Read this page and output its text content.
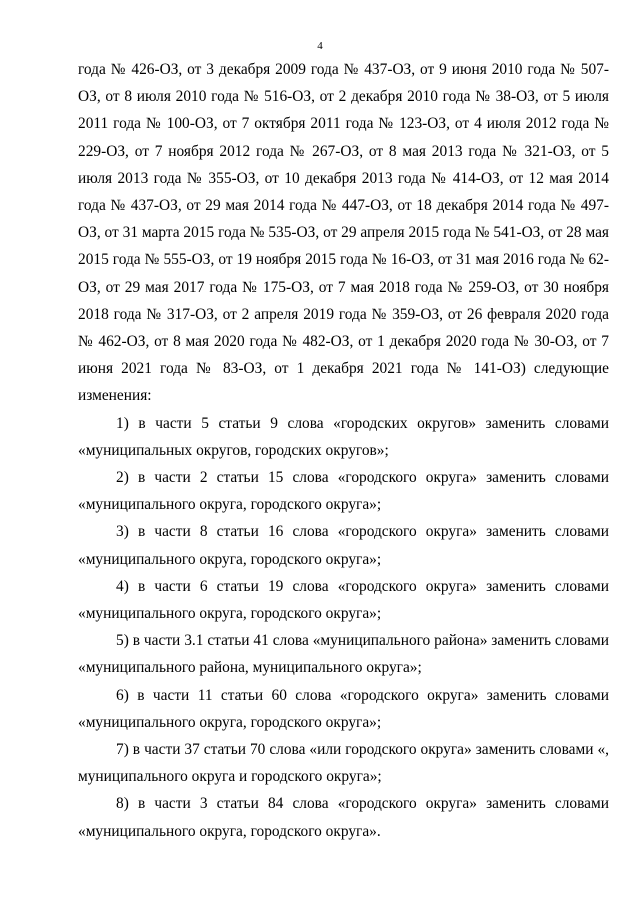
4

года № 426-ОЗ, от 3 декабря 2009 года № 437-ОЗ, от 9 июня 2010 года № 507-ОЗ, от 8 июля 2010 года № 516-ОЗ, от 2 декабря 2010 года № 38-ОЗ, от 5 июля 2011 года № 100-ОЗ, от 7 октября 2011 года № 123-ОЗ, от 4 июля 2012 года № 229-ОЗ, от 7 ноября 2012 года № 267-ОЗ, от 8 мая 2013 года № 321-ОЗ, от 5 июля 2013 года № 355-ОЗ, от 10 декабря 2013 года № 414-ОЗ, от 12 мая 2014 года № 437-ОЗ, от 29 мая 2014 года № 447-ОЗ, от 18 декабря 2014 года № 497-ОЗ, от 31 марта 2015 года № 535-ОЗ, от 29 апреля 2015 года № 541-ОЗ, от 28 мая 2015 года № 555-ОЗ, от 19 ноября 2015 года № 16-ОЗ, от 31 мая 2016 года № 62-ОЗ, от 29 мая 2017 года № 175-ОЗ, от 7 мая 2018 года № 259-ОЗ, от 30 ноября 2018 года № 317-ОЗ, от 2 апреля 2019 года № 359-ОЗ, от 26 февраля 2020 года № 462-ОЗ, от 8 мая 2020 года № 482-ОЗ, от 1 декабря 2020 года № 30-ОЗ, от 7 июня 2021 года № 83-ОЗ, от 1 декабря 2021 года № 141-ОЗ) следующие изменения:

1) в части 5 статьи 9 слова «городских округов» заменить словами «муниципальных округов, городских округов»;

2) в части 2 статьи 15 слова «городского округа» заменить словами «муниципального округа, городского округа»;

3) в части 8 статьи 16 слова «городского округа» заменить словами «муниципального округа, городского округа»;

4) в части 6 статьи 19 слова «городского округа» заменить словами «муниципального округа, городского округа»;

5) в части 3.1 статьи 41 слова «муниципального района» заменить словами «муниципального района, муниципального округа»;

6) в части 11 статьи 60 слова «городского округа» заменить словами «муниципального округа, городского округа»;

7) в части 37 статьи 70 слова «или городского округа» заменить словами «, муниципального округа и городского округа»;

8) в части 3 статьи 84 слова «городского округа» заменить словами «муниципального округа, городского округа».
